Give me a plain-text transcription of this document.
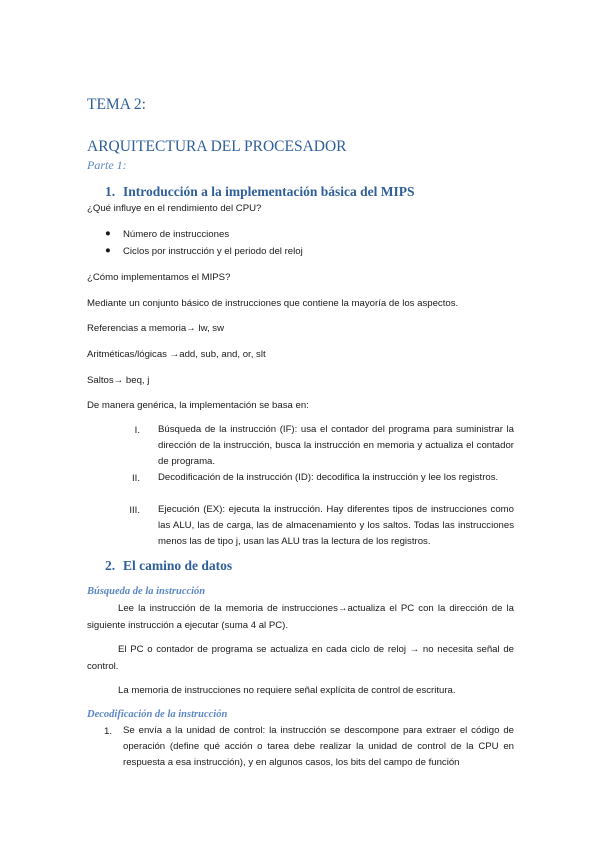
TEMA 2:
ARQUITECTURA DEL PROCESADOR
Parte 1:
1. Introducción a la implementación básica del MIPS
¿Qué influye en el rendimiento del CPU?
● Número de instrucciones
● Ciclos por instrucción y el periodo del reloj
¿Cómo implementamos el MIPS?
Mediante un conjunto básico de instrucciones que contiene la mayoría de los aspectos.
Referencias a memoria→ lw, sw
Aritméticas/lógicas →add, sub, and, or, slt
Saltos→ beq, j
De manera genérica, la implementación se basa en:
I. Búsqueda de la instrucción (IF): usa el contador del programa para suministrar la dirección de la instrucción, busca la instrucción en memoria y actualiza el contador de programa.
II. Decodificación de la instrucción (ID): decodifica la instrucción y lee los registros.
III. Ejecución (EX): ejecuta la instrucción. Hay diferentes tipos de instrucciones como las ALU, las de carga, las de almacenamiento y los saltos. Todas las instrucciones menos las de tipo j, usan las ALU tras la lectura de los registros.
2. El camino de datos
Búsqueda de la instrucción
Lee la instrucción de la memoria de instrucciones→actualiza el PC con la dirección de la siguiente instrucción a ejecutar (suma 4 al PC).
El PC o contador de programa se actualiza en cada ciclo de reloj → no necesita señal de control.
La memoria de instrucciones no requiere señal explícita de control de escritura.
Decodificación de la instrucción
1. Se envía a la unidad de control: la instrucción se descompone para extraer el código de operación (define qué acción o tarea debe realizar la unidad de control de la CPU en respuesta a esa instrucción), y en algunos casos, los bits del campo de función
